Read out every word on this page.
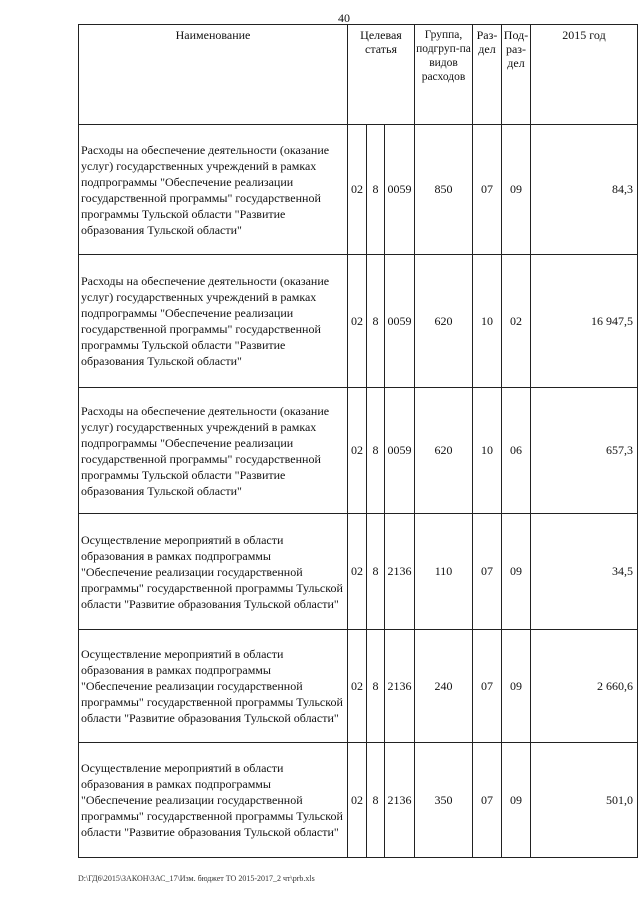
40
Наименование	Целевая статья			Группа, подгруп-па видов расходов	Раз-дел	Под-раз-дел	2015 год
Расходы на обеспечение деятельности (оказание услуг) государственных учреждений в рамках подпрограммы "Обеспечение реализации государственной программы" государственной программы Тульской области "Развитие образования Тульской области"	02	8	0059	850	07	09	84,3
Расходы на обеспечение деятельности (оказание услуг) государственных учреждений в рамках подпрограммы "Обеспечение реализации государственной программы" государственной программы Тульской области "Развитие образования Тульской области"	02	8	0059	620	10	02	16 947,5
Расходы на обеспечение деятельности (оказание услуг) государственных учреждений в рамках подпрограммы "Обеспечение реализации государственной программы" государственной программы Тульской области "Развитие образования Тульской области"	02	8	0059	620	10	06	657,3
Осуществление мероприятий в области образования в рамках подпрограммы "Обеспечение реализации государственной программы" государственной программы Тульской области "Развитие образования Тульской области"	02	8	2136	110	07	09	34,5
Осуществление мероприятий в области образования в рамках подпрограммы "Обеспечение реализации государственной программы" государственной программы Тульской области "Развитие образования Тульской области"	02	8	2136	240	07	09	2 660,6
Осуществление мероприятий в области образования в рамках подпрограммы "Обеспечение реализации государственной программы" государственной программы Тульской области "Развитие образования Тульской области"	02	8	2136	350	07	09	501,0
D:\ГД6\2015\ЗАКОН\ЗАС_17\Изм. бюджет ТО 2015-2017_2 чт\prb.xls
